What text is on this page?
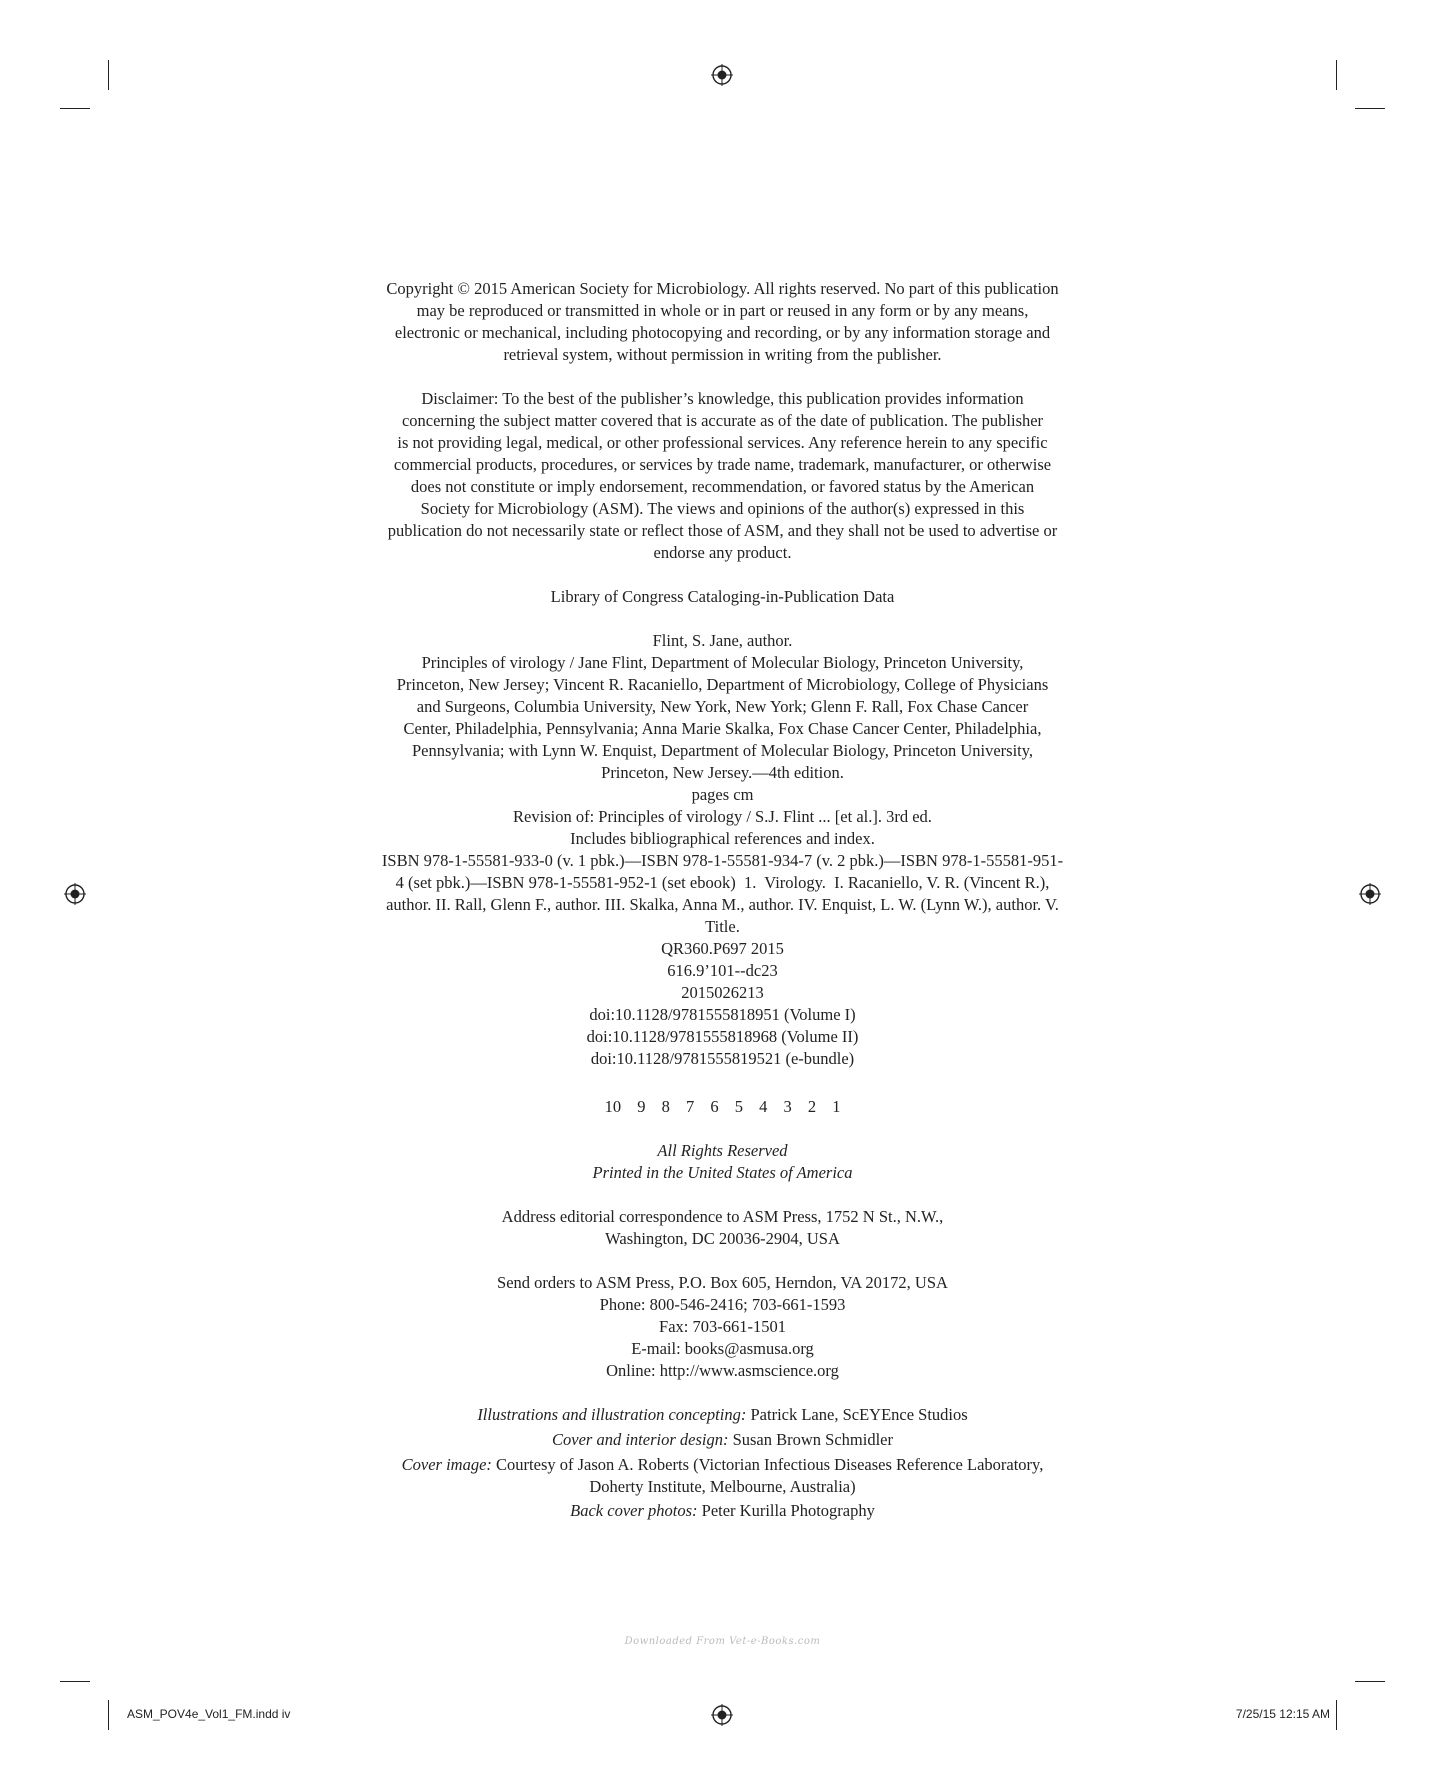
Copyright © 2015 American Society for Microbiology. All rights reserved. No part of this publication
may be reproduced or transmitted in whole or in part or reused in any form or by any means,
electronic or mechanical, including photocopying and recording, or by any information storage and
retrieval system, without permission in writing from the publisher.
Disclaimer: To the best of the publisher’s knowledge, this publication provides information
concerning the subject matter covered that is accurate as of the date of publication. The publisher
is not providing legal, medical, or other professional services. Any reference herein to any specific
commercial products, procedures, or services by trade name, trademark, manufacturer, or otherwise
does not constitute or imply endorsement, recommendation, or favored status by the American
Society for Microbiology (ASM). The views and opinions of the author(s) expressed in this
publication do not necessarily state or reflect those of ASM, and they shall not be used to advertise or
endorse any product.
Library of Congress Cataloging-in-Publication Data
Flint, S. Jane, author.
Principles of virology / Jane Flint, Department of Molecular Biology, Princeton University,
Princeton, New Jersey; Vincent R. Racaniello, Department of Microbiology, College of Physicians
and Surgeons, Columbia University, New York, New York; Glenn F. Rall, Fox Chase Cancer
Center, Philadelphia, Pennsylvania; Anna Marie Skalka, Fox Chase Cancer Center, Philadelphia,
Pennsylvania; with Lynn W. Enquist, Department of Molecular Biology, Princeton University,
Princeton, New Jersey.—4th edition.
pages cm
Revision of: Principles of virology / S.J. Flint ... [et al.]. 3rd ed.
Includes bibliographical references and index.
ISBN 978-1-55581-933-0 (v. 1 pbk.)—ISBN 978-1-55581-934-7 (v. 2 pbk.)—ISBN 978-1-55581-951-
4 (set pbk.)—ISBN 978-1-55581-952-1 (set ebook)  1.  Virology.  I. Racaniello, V. R. (Vincent R.),
author. II. Rall, Glenn F., author. III. Skalka, Anna M., author. IV. Enquist, L. W. (Lynn W.), author. V.
Title.
QR360.P697 2015
616.9’101--dc23
2015026213
doi:10.1128/9781555818951 (Volume I)
doi:10.1128/9781555818968 (Volume II)
doi:10.1128/9781555819521 (e-bundle)
10 9 8 7 6 5 4 3 2 1
All Rights Reserved
Printed in the United States of America
Address editorial correspondence to ASM Press, 1752 N St., N.W.,
Washington, DC 20036-2904, USA
Send orders to ASM Press, P.O. Box 605, Herndon, VA 20172, USA
Phone: 800-546-2416; 703-661-1593
Fax: 703-661-1501
E-mail: books@asmusa.org
Online: http://www.asmscience.org
Illustrations and illustration concepting: Patrick Lane, ScEYEnce Studios
Cover and interior design: Susan Brown Schmidler
Cover image: Courtesy of Jason A. Roberts (Victorian Infectious Diseases Reference Laboratory,
Doherty Institute, Melbourne, Australia)
Back cover photos: Peter Kurilla Photography
Downloaded From Vet-e-Books.com
ASM_POV4e_Vol1_FM.indd iv	7/25/15 12:15 AM
